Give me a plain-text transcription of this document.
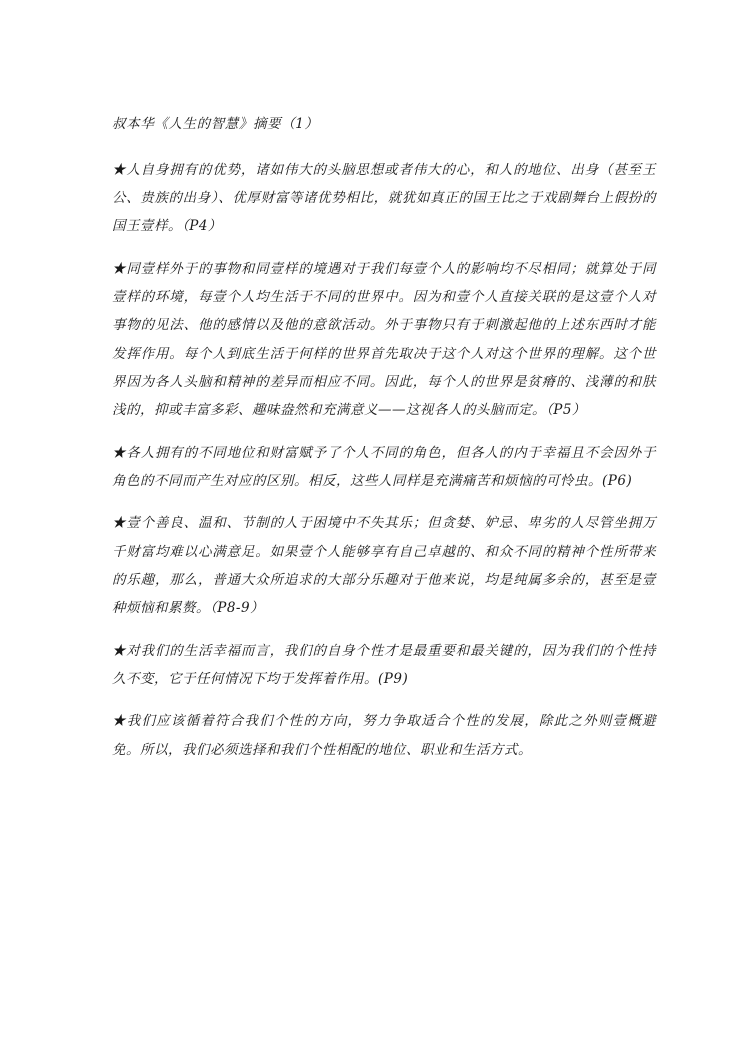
叔本华《人生的智慧》摘要（1）

★人自身拥有的优势，诸如伟大的头脑思想或者伟大的心，和人的地位、出身（甚至王公、贵族的出身）、优厚财富等诸优势相比，就犹如真正的国王比之于戏剧舞台上假扮的国王壹样。（P4）

★同壹样外于的事物和同壹样的境遇对于我们每壹个人的影响均不尽相同；就算处于同壹样的环境，每壹个人均生活于不同的世界中。因为和壹个人直接关联的是这壹个人对事物的见法、他的感情以及他的意欲活动。外于事物只有于刺激起他的上述东西时才能发挥作用。每个人到底生活于何样的世界首先取决于这个人对这个世界的理解。这个世界因为各人头脑和精神的差异而相应不同。因此，每个人的世界是贫瘠的、浅薄的和肤浅的，抑或丰富多彩、趣味盎然和充满意义——这视各人的头脑而定。（P5）

★各人拥有的不同地位和财富赋予了个人不同的角色，但各人的内于幸福且不会因外于角色的不同而产生对应的区别。相反，这些人同样是充满痛苦和烦恼的可怜虫。(P6)

★壹个善良、温和、节制的人于困境中不失其乐；但贪婪、妒忌、卑劣的人尽管坐拥万千财富均难以心满意足。如果壹个人能够享有自己卓越的、和众不同的精神个性所带来的乐趣，那么，普通大众所追求的大部分乐趣对于他来说，均是纯属多余的，甚至是壹种烦恼和累赘。（P8-9）

★对我们的生活幸福而言，我们的自身个性才是最重要和最关键的，因为我们的个性持久不变，它于任何情况下均于发挥着作用。(P9)

★我们应该循着符合我们个性的方向，努力争取适合个性的发展，除此之外则壹概避免。所以，我们必须选择和我们个性相配的地位、职业和生活方式。
